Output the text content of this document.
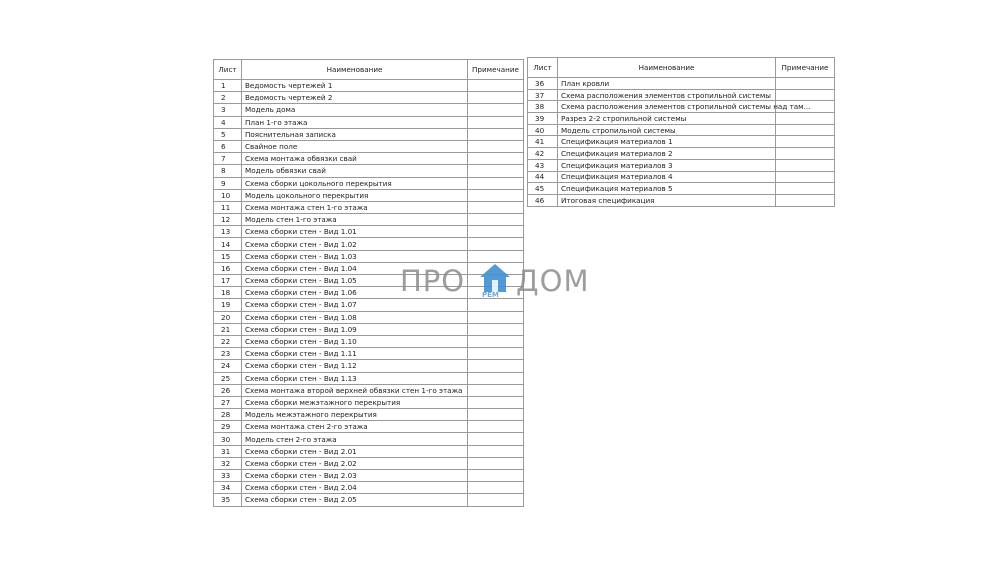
Лист	Наименование	Примечание
1	Ведомость чертежей 1	
2	Ведомость чертежей 2	
3	Модель дома	
4	План 1-го этажа	
5	Пояснительная записка	
6	Свайное поле	
7	Схема монтажа обвязки свай	
8	Модель обвязки свай	
9	Схема сборки цокольного перекрытия	
10	Модель цокольного перекрытия	
11	Схема монтажа стен 1-го этажа	
12	Модель стен 1-го этажа	
13	Схема сборки стен - Вид 1.01	
14	Схема сборки стен - Вид 1.02	
15	Схема сборки стен - Вид 1.03	
16	Схема сборки стен - Вид 1.04	
17	Схема сборки стен - Вид 1.05	
18	Схема сборки стен - Вид 1.06	
19	Схема сборки стен - Вид 1.07	
20	Схема сборки стен - Вид 1.08	
21	Схема сборки стен - Вид 1.09	
22	Схема сборки стен - Вид 1.10	
23	Схема сборки стен - Вид 1.11	
24	Схема сборки стен - Вид 1.12	
25	Схема сборки стен - Вид 1.13	
26	Схема монтажа второй верхней обвязки стен 1-го этажа	
27	Схема сборки межэтажного перекрытия	
28	Модель межэтажного перекрытия	
29	Схема монтажа стен 2-го этажа	
30	Модель стен 2-го этажа	
31	Схема сборки стен - Вид 2.01	
32	Схема сборки стен - Вид 2.02	
33	Схема сборки стен - Вид 2.03	
34	Схема сборки стен - Вид 2.04	
35	Схема сборки стен - Вид 2.05	
Лист	Наименование	Примечание
36	План кровли	
37	Схема расположения элементов стропильной системы	
38	Схема расположения элементов стропильной системы над там...	
39	Разрез 2-2 стропильной системы	
40	Модель стропильной системы	
41	Спецификация материалов 1	
42	Спецификация материалов 2	
43	Спецификация материалов 3	
44	Спецификация материалов 4	
45	Спецификация материалов 5	
46	Итоговая спецификация	
ПРО РЕМ ДОМ
